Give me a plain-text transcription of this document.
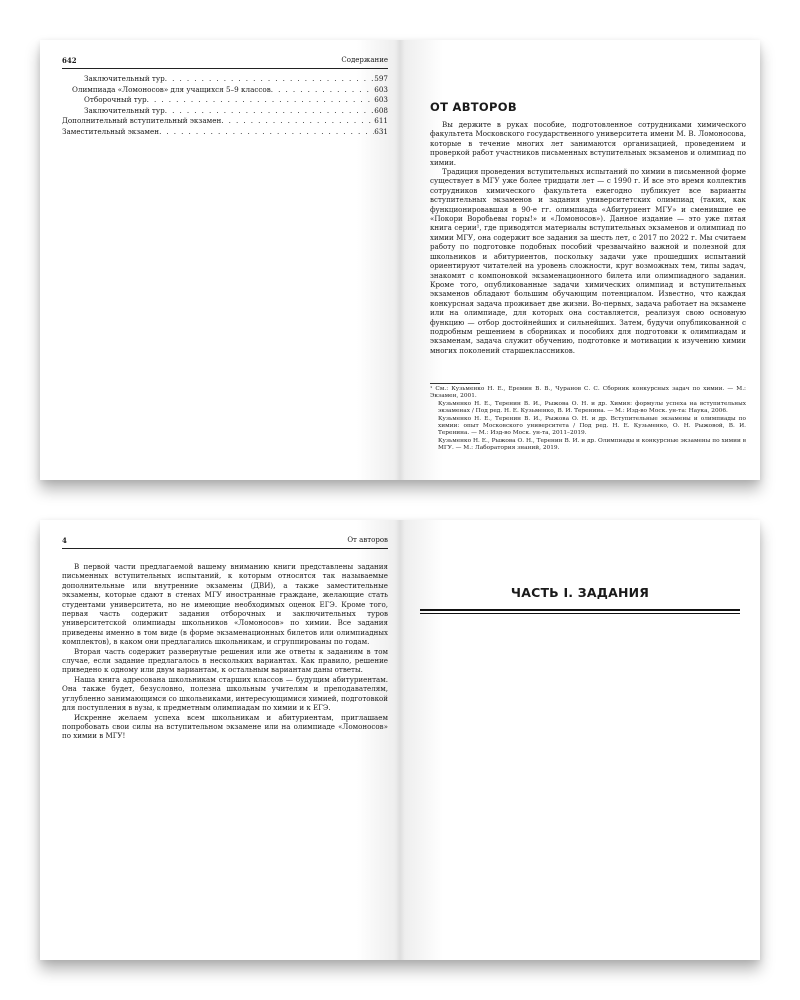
642	Содержание
Заключительный тур . . .	597
Олимпиада «Ломоносов» для учащихся 5–9 классов . . .	603
Отборочный тур . . .	603
Заключительный тур . . .	608
Дополнительный вступительный экзамен . . .	611
Заместительный экзамен . . .	631
ОТ АВТОРОВ

Вы держите в руках пособие, подготовленное сотрудниками химического факультета Московского государственного университета имени М. В. Ломоносова, которые в течение многих лет занимаются организацией, проведением и проверкой работ участников письменных вступительных экзаменов и олимпиад по химии.

Традиция проведения вступительных испытаний по химии в письменной форме существует в МГУ уже более тридцати лет — с 1990 г. И все это время коллектив сотрудников химического факультета ежегодно публикует все варианты вступительных экзаменов и задания университетских олимпиад (таких, как функционировавшая в 90-е гг. олимпиада «Абитуриент МГУ» и сменившие ее «Покори Воробьевы горы!» и «Ломоносов»). Данное издание — это уже пятая книга серии¹, где приводятся материалы вступительных экзаменов и олимпиад по химии МГУ, она содержит все задания за шесть лет, с 2017 по 2022 г. Мы считаем работу по подготовке подобных пособий чрезвычайно важной и полезной для школьников и абитуриентов, поскольку задачи уже прошедших испытаний ориентируют читателей на уровень сложности, круг возможных тем, типы задач, знакомят с компоновкой экзаменационного билета или олимпиадного задания. Кроме того, опубликованные задачи химических олимпиад и вступительных экзаменов обладают большим обучающим потенциалом. Известно, что каждая конкурсная задача проживает две жизни. Во-первых, задача работает на экзамене или на олимпиаде, для которых она составляется, реализуя свою основную функцию — отбор достойнейших и сильнейших. Затем, будучи опубликованной с подробным решением в сборниках и пособиях для подготовки к олимпиадам и экзаменам, задача служит обучению, подготовке и мотивации к изучению химии многих поколений старшеклассников.

¹ См.: Кузьменко Н. Е., Еремин В. В., Чуранов С. С. Сборник конкурсных задач по химии. — М.: Экзамен, 2001.

Кузьменко Н. Е., Теренин В. И., Рыжова О. Н. и др. Химия: формулы успеха на вступительных экзаменах / Под ред. Н. Е. Кузьменко, В. И. Теренина. — М.: Изд-во Моск. ун-та: Наука, 2006.

Кузьменко Н. Е., Теренин В. И., Рыжова О. Н. и др. Вступительные экзамены и олимпиады по химии: опыт Московского университета / Под ред. Н. Е. Кузьменко, О. Н. Рыжовой, В. И. Теренина. — М.: Изд-во Моск. ун-та, 2011–2019.

Кузьменко Н. Е., Рыжова О. Н., Теренин В. И. и др. Олимпиады и конкурсные экзамены по химии в МГУ. — М.: Лаборатория знаний, 2019.

4	От авторов

В первой части предлагаемой вашему вниманию книги представлены задания письменных вступительных испытаний, к которым относятся так называемые дополнительные или внутренние экзамены (ДВИ), а также заместительные экзамены, которые сдают в стенах МГУ иностранные граждане, желающие стать студентами университета, но не имеющие необходимых оценок ЕГЭ. Кроме того, первая часть содержит задания отборочных и заключительных туров университетской олимпиады школьников «Ломоносов» по химии. Все задания приведены именно в том виде (в форме экзаменационных билетов или олимпиадных комплектов), в каком они предлагались школьникам, и сгруппированы по годам.

Вторая часть содержит развернутые решения или же ответы к заданиям в том случае, если задание предлагалось в нескольких вариантах. Как правило, решение приведено к одному или двум вариантам, к остальным вариантам даны ответы.

Наша книга адресована школьникам старших классов — будущим абитуриентам. Она также будет, безусловно, полезна школьным учителям и преподавателям, углубленно занимающимся со школьниками, интересующимися химией, подготовкой для поступления в вузы, к предметным олимпиадам по химии и к ЕГЭ.

Искренне желаем успеха всем школьникам и абитуриентам, приглашаем попробовать свои силы на вступительном экзамене или на олимпиаде «Ломоносов» по химии в МГУ!

ЧАСТЬ I. ЗАДАНИЯ
